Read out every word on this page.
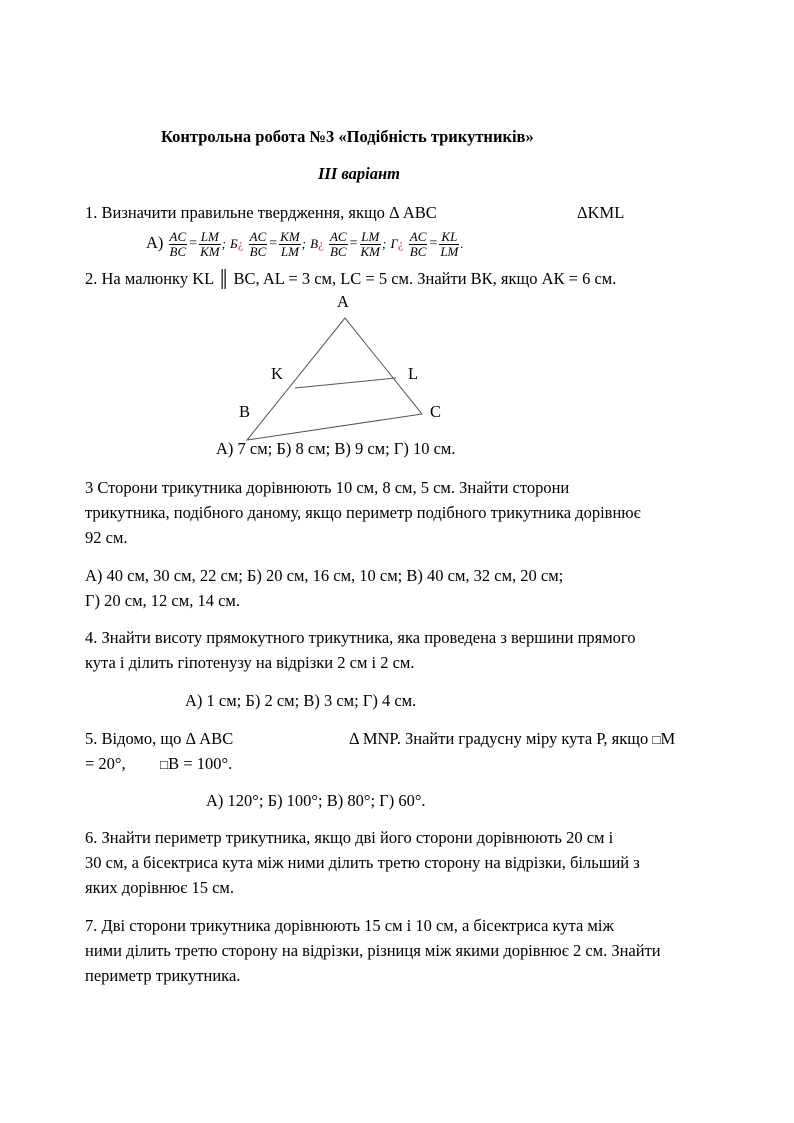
Контрольна робота №3 «Подібність трикутників»
ІІІ варіант
1. Визначити правильне твердження, якщо Δ ABC	ΔKML
$А) \frac{AC}{BC} = \frac{LM}{KM}$ ; Б¿ $\frac{AC}{BC} = \frac{KM}{LM}$ ; В¿ $\frac{AC}{BC} = \frac{LM}{KM}$ ; Г¿ $\frac{AC}{BC} = \frac{KL}{LM}$ .
2. На малюнку KL ║ BC, AL = 3 см, LC = 5 см. Знайти ВК, якщо АК = 6 см.
A
K	L
B	C
А) 7 см; Б) 8 см; В) 9 см; Г) 10 см.
3 Сторони трикутника дорівнюють 10 см, 8 см, 5 см. Знайти сторони
трикутника, подібного даному, якщо периметр подібного трикутника дорівнює
92 см.
А) 40 см, 30 см, 22 см; Б) 20 см, 16 см, 10 см; В) 40 см, 32 см, 20 см;
Г) 20 см, 12 см, 14 см.
4. Знайти висоту прямокутного трикутника, яка проведена з вершини прямого
кута і ділить гіпотенузу на відрізки 2 см і 2 см.
А) 1 см; Б) 2 см; В) 3 см; Г) 4 см.
5. Відомо, що Δ АВС	Δ MNP. Знайти градусну міру кута Р, якщо □M
= 20°,	□B = 100°.
А) 120°; Б) 100°; В) 80°; Г) 60°.
6. Знайти периметр трикутника, якщо дві його сторони дорівнюють 20 см і
30 см, а бісектриса кута між ними ділить третю сторону на відрізки, більший з
яких дорівнює 15 см.
7. Дві сторони трикутника дорівнюють 15 см і 10 см, а бісектриса кута між
ними ділить третю сторону на відрізки, різниця між якими дорівнює 2 см. Знайти
периметр трикутника.
